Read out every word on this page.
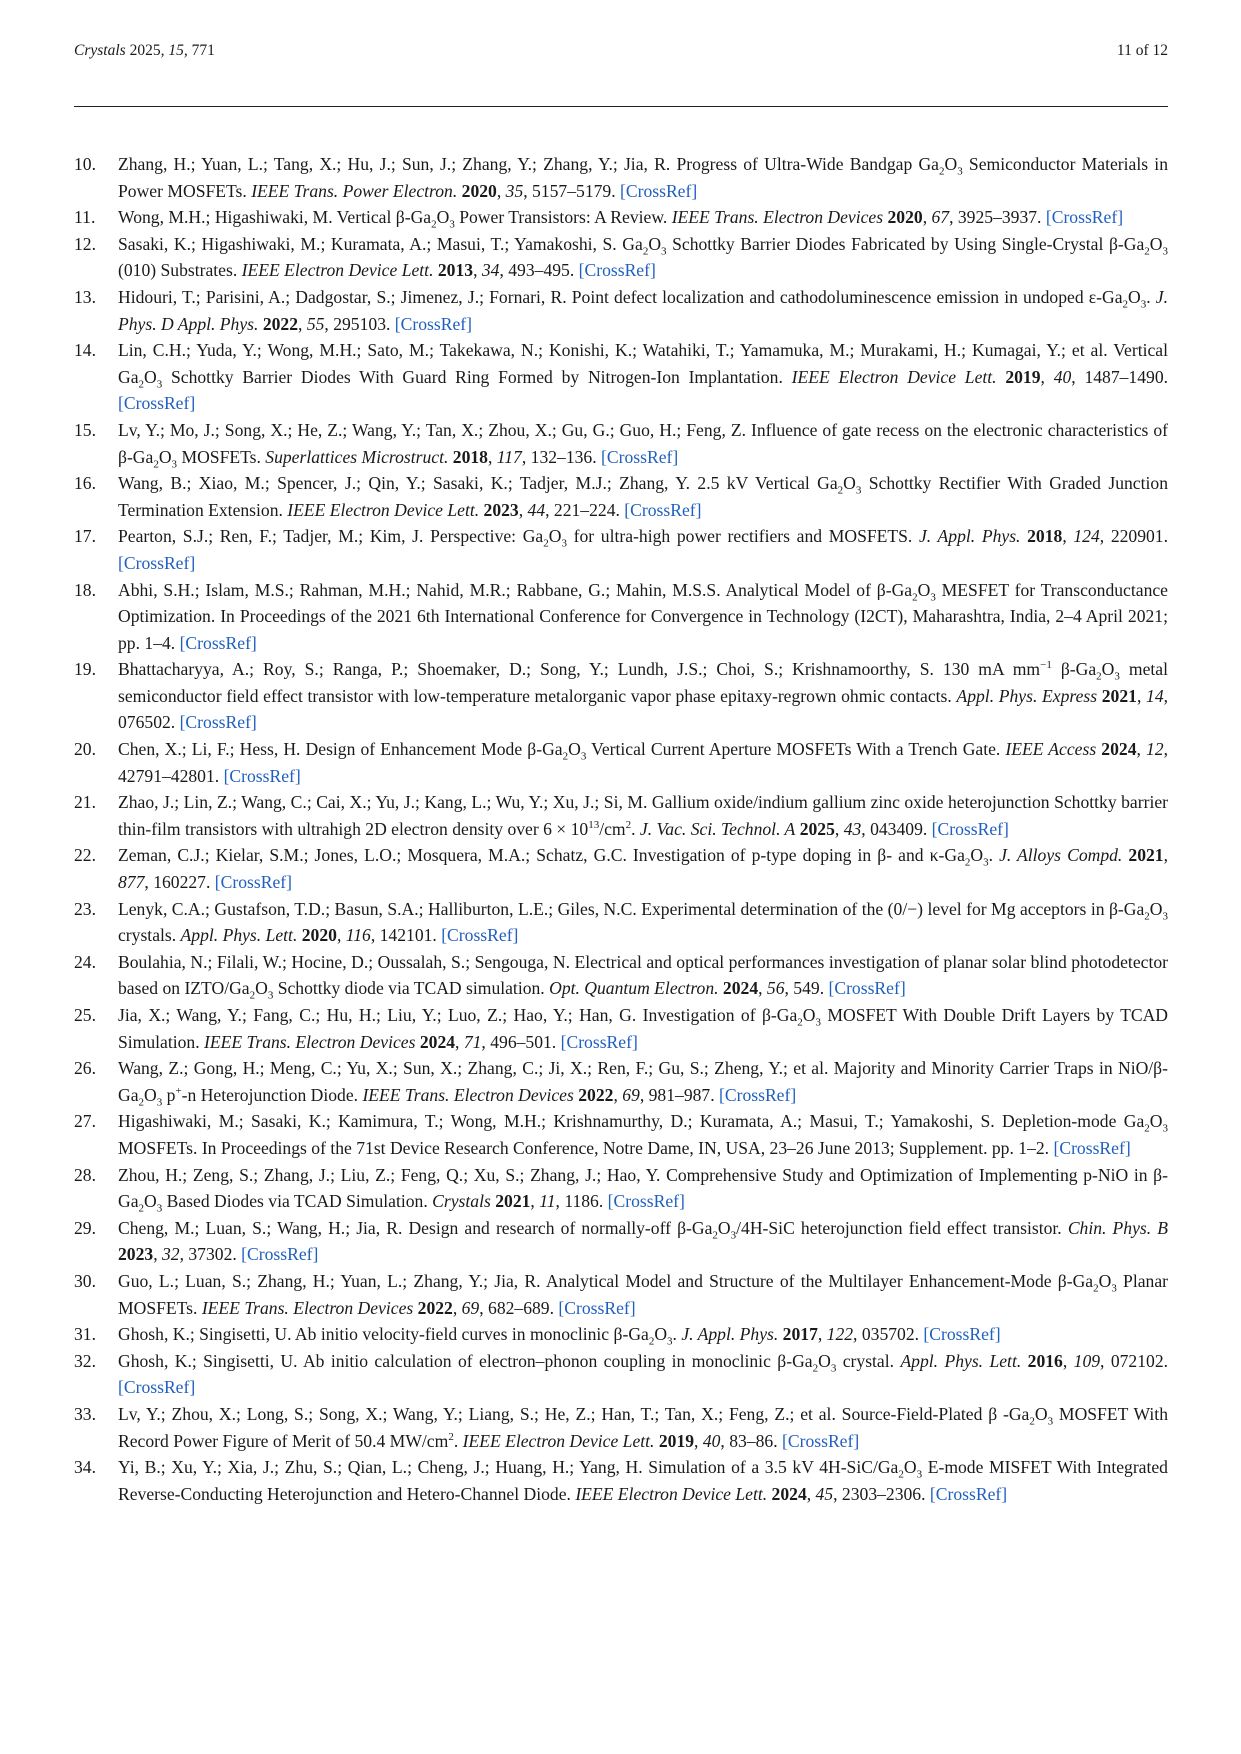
Crystals 2025, 15, 771	11 of 12
10. Zhang, H.; Yuan, L.; Tang, X.; Hu, J.; Sun, J.; Zhang, Y.; Zhang, Y.; Jia, R. Progress of Ultra-Wide Bandgap $Ga_2O_3$ Semiconductor Materials in Power MOSFETs. IEEE Trans. Power Electron. 2020, 35, 5157–5179. [CrossRef]
11. Wong, M.H.; Higashiwaki, M. Vertical $\beta-Ga_2O_3$ Power Transistors: A Review. IEEE Trans. Electron Devices 2020, 67, 3925–3937. [CrossRef]
12. Sasaki, K.; Higashiwaki, M.; Kuramata, A.; Masui, T.; Yamakoshi, S. $Ga_2O_3$ Schottky Barrier Diodes Fabricated by Using Single-Crystal $\beta-Ga_2O_3$ (010) Substrates. IEEE Electron Device Lett. 2013, 34, 493–495. [CrossRef]
13. Hidouri, T.; Parisini, A.; Dadgostar, S.; Jimenez, J.; Fornari, R. Point defect localization and cathodoluminescence emission in undoped $\varepsilon-Ga_2O_3$. J. Phys. D Appl. Phys. 2022, 55, 295103. [CrossRef]
14. Lin, C.H.; Yuda, Y.; Wong, M.H.; Sato, M.; Takekawa, N.; Konishi, K.; Watahiki, T.; Yamamuka, M.; Murakami, H.; Kumagai, Y.; et al. Vertical $Ga_2O_3$ Schottky Barrier Diodes With Guard Ring Formed by Nitrogen-Ion Implantation. IEEE Electron Device Lett. 2019, 40, 1487–1490. [CrossRef]
15. Lv, Y.; Mo, J.; Song, X.; He, Z.; Wang, Y.; Tan, X.; Zhou, X.; Gu, G.; Guo, H.; Feng, Z. Influence of gate recess on the electronic characteristics of $\beta-Ga_2O_3$ MOSFETs. Superlattices Microstruct. 2018, 117, 132–136. [CrossRef]
16. Wang, B.; Xiao, M.; Spencer, J.; Qin, Y.; Sasaki, K.; Tadjer, M.J.; Zhang, Y. 2.5 kV Vertical $Ga_2O_3$ Schottky Rectifier With Graded Junction Termination Extension. IEEE Electron Device Lett. 2023, 44, 221–224. [CrossRef]
17. Pearton, S.J.; Ren, F.; Tadjer, M.; Kim, J. Perspective: $Ga_2O_3$ for ultra-high power rectifiers and MOSFETS. J. Appl. Phys. 2018, 124, 220901. [CrossRef]
18. Abhi, S.H.; Islam, M.S.; Rahman, M.H.; Nahid, M.R.; Rabbane, G.; Mahin, M.S.S. Analytical Model of $\beta-Ga_2O_3$ MESFET for Transconductance Optimization. In Proceedings of the 2021 6th International Conference for Convergence in Technology (I2CT), Maharashtra, India, 2–4 April 2021; pp. 1–4. [CrossRef]
19. Bhattacharyya, A.; Roy, S.; Ranga, P.; Shoemaker, D.; Song, Y.; Lundh, J.S.; Choi, S.; Krishnamoorthy, S. 130 mA $mm^{-1}$ $\beta-Ga_2O_3$ metal semiconductor field effect transistor with low-temperature metalorganic vapor phase epitaxy-regrown ohmic contacts. Appl. Phys. Express 2021, 14, 076502. [CrossRef]
20. Chen, X.; Li, F.; Hess, H. Design of Enhancement Mode $\beta-Ga_2O_3$ Vertical Current Aperture MOSFETs With a Trench Gate. IEEE Access 2024, 12, 42791–42801. [CrossRef]
21. Zhao, J.; Lin, Z.; Wang, C.; Cai, X.; Yu, J.; Kang, L.; Wu, Y.; Xu, J.; Si, M. Gallium oxide/indium gallium zinc oxide heterojunction Schottky barrier thin-film transistors with ultrahigh 2D electron density over $6 \times 10^{13}/cm^2$. J. Vac. Sci. Technol. A 2025, 43, 043409. [CrossRef]
22. Zeman, C.J.; Kielar, S.M.; Jones, L.O.; Mosquera, M.A.; Schatz, G.C. Investigation of p-type doping in β- and $\kappa-Ga_2O_3$. J. Alloys Compd. 2021, 877, 160227. [CrossRef]
23. Lenyk, C.A.; Gustafson, T.D.; Basun, S.A.; Halliburton, L.E.; Giles, N.C. Experimental determination of the (0/−) level for Mg acceptors in $\beta-Ga_2O_3$ crystals. Appl. Phys. Lett. 2020, 116, 142101. [CrossRef]
24. Boulahia, N.; Filali, W.; Hocine, D.; Oussalah, S.; Sengouga, N. Electrical and optical performances investigation of planar solar blind photodetector based on IZTO/$Ga_2O_3$ Schottky diode via TCAD simulation. Opt. Quantum Electron. 2024, 56, 549. [CrossRef]
25. Jia, X.; Wang, Y.; Fang, C.; Hu, H.; Liu, Y.; Luo, Z.; Hao, Y.; Han, G. Investigation of $\beta-Ga_2O_3$ MOSFET With Double Drift Layers by TCAD Simulation. IEEE Trans. Electron Devices 2024, 71, 496–501. [CrossRef]
26. Wang, Z.; Gong, H.; Meng, C.; Yu, X.; Sun, X.; Zhang, C.; Ji, X.; Ren, F.; Gu, S.; Zheng, Y.; et al. Majority and Minority Carrier Traps in NiO/$\beta-Ga_2O_3$ p+-n Heterojunction Diode. IEEE Trans. Electron Devices 2022, 69, 981–987. [CrossRef]
27. Higashiwaki, M.; Sasaki, K.; Kamimura, T.; Wong, M.H.; Krishnamurthy, D.; Kuramata, A.; Masui, T.; Yamakoshi, S. Depletion-mode $Ga_2O_3$ MOSFETs. In Proceedings of the 71st Device Research Conference, Notre Dame, IN, USA, 23–26 June 2013; Supplement. pp. 1–2. [CrossRef]
28. Zhou, H.; Zeng, S.; Zhang, J.; Liu, Z.; Feng, Q.; Xu, S.; Zhang, J.; Hao, Y. Comprehensive Study and Optimization of Implementing p-NiO in $\beta-Ga_2O_3$ Based Diodes via TCAD Simulation. Crystals 2021, 11, 1186. [CrossRef]
29. Cheng, M.; Luan, S.; Wang, H.; Jia, R. Design and research of normally-off $\beta-Ga_2O_3/4H$-SiC heterojunction field effect transistor. Chin. Phys. B 2023, 32, 37302. [CrossRef]
30. Guo, L.; Luan, S.; Zhang, H.; Yuan, L.; Zhang, Y.; Jia, R. Analytical Model and Structure of the Multilayer Enhancement-Mode $\beta-Ga_2O_3$ Planar MOSFETs. IEEE Trans. Electron Devices 2022, 69, 682–689. [CrossRef]
31. Ghosh, K.; Singisetti, U. Ab initio velocity-field curves in monoclinic $\beta-Ga_2O_3$. J. Appl. Phys. 2017, 122, 035702. [CrossRef]
32. Ghosh, K.; Singisetti, U. Ab initio calculation of electron–phonon coupling in monoclinic $\beta-Ga_2O_3$ crystal. Appl. Phys. Lett. 2016, 109, 072102. [CrossRef]
33. Lv, Y.; Zhou, X.; Long, S.; Song, X.; Wang, Y.; Liang, S.; He, Z.; Han, T.; Tan, X.; Feng, Z.; et al. Source-Field-Plated β $-Ga_2O_3$ MOSFET With Record Power Figure of Merit of 50.4 $MW/cm^2$. IEEE Electron Device Lett. 2019, 40, 83–86. [CrossRef]
34. Yi, B.; Xu, Y.; Xia, J.; Zhu, S.; Qian, L.; Cheng, J.; Huang, H.; Yang, H. Simulation of a 3.5 kV $4H-SiC/Ga_2O_3$ E-mode MISFET With Integrated Reverse-Conducting Heterojunction and Hetero-Channel Diode. IEEE Electron Device Lett. 2024, 45, 2303–2306. [CrossRef]
